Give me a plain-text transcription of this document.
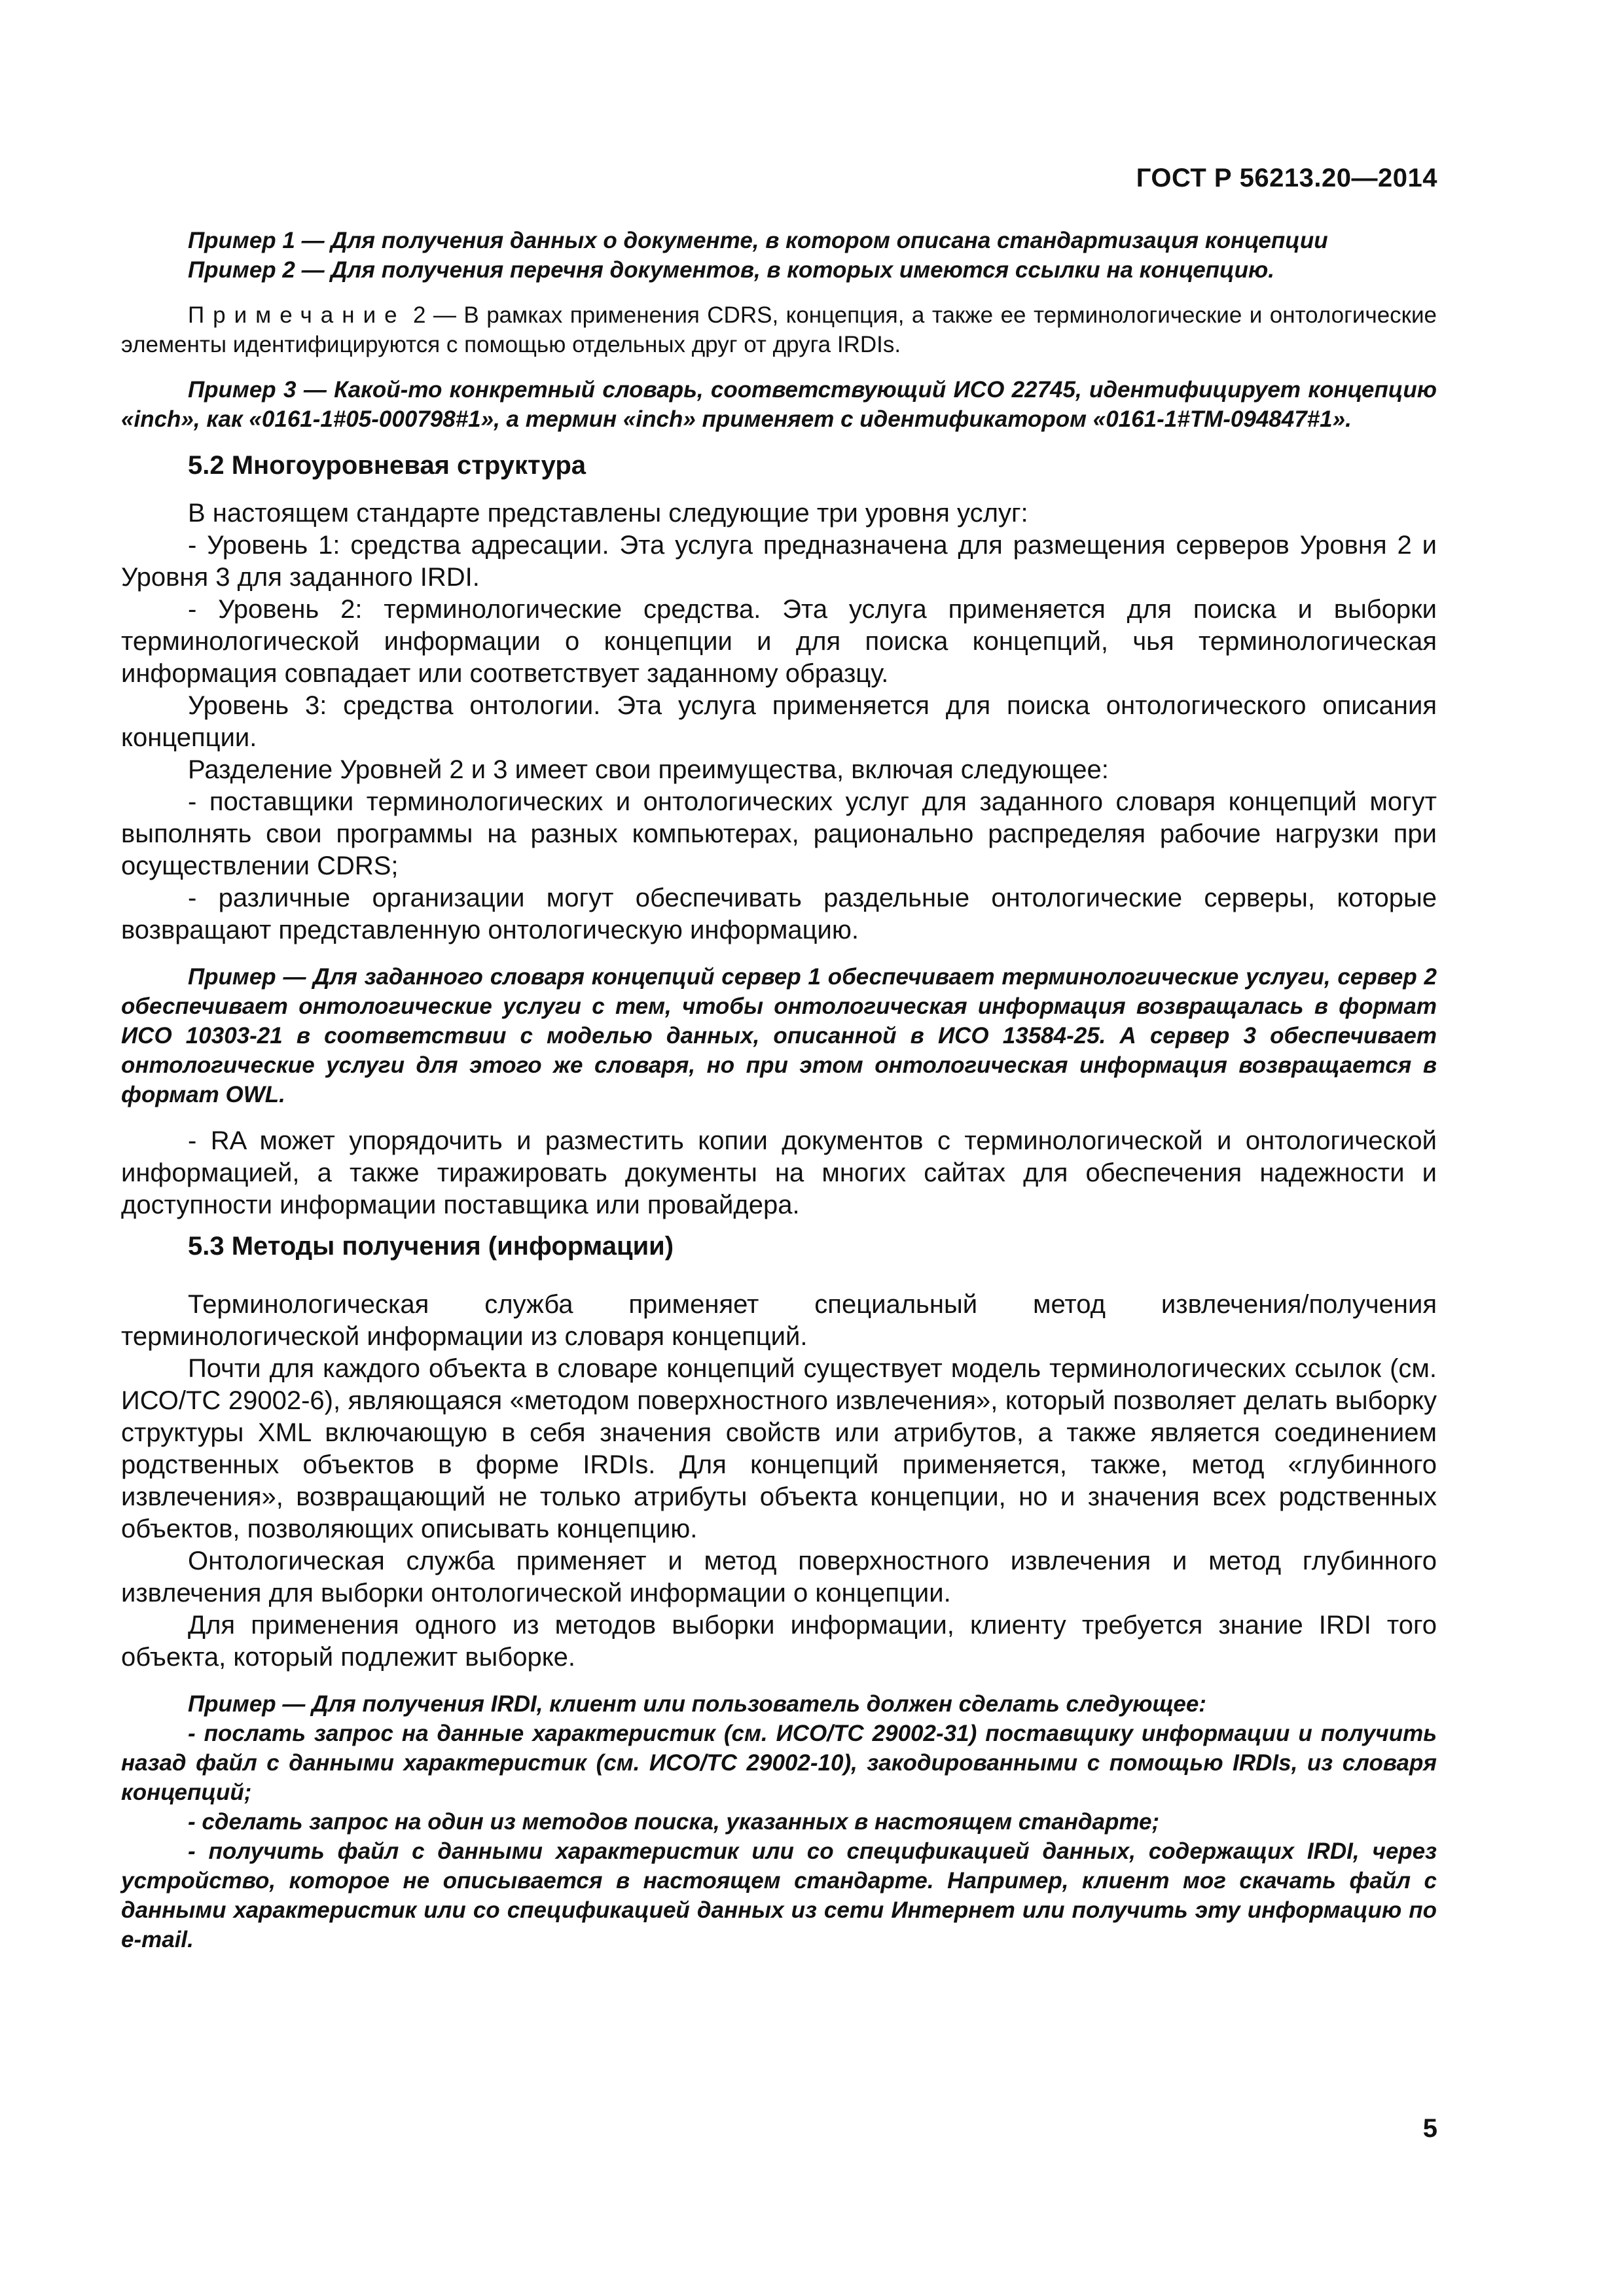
ГОСТ Р 56213.20—2014

Пример 1 — Для получения данных о документе, в котором описана стандартизация концепции

Пример 2 — Для получения перечня документов, в которых имеются ссылки на концепцию.

Примечание 2 — В рамках применения CDRS, концепция, а также ее терминологические и онтологические элементы идентифицируются с помощью отдельных друг от друга IRDIs.

Пример 3 — Какой-то конкретный словарь, соответствующий ИСО 22745, идентифицирует концепцию «inch», как «0161-1#05-000798#1», а термин «inch» применяет с идентификатором «0161-1#TM-094847#1».

5.2 Многоуровневая структура

В настоящем стандарте представлены следующие три уровня услуг:

- Уровень 1: средства адресации. Эта услуга предназначена для размещения серверов Уровня 2 и Уровня 3 для заданного IRDI.

- Уровень 2: терминологические средства. Эта услуга применяется для поиска и выборки терминологической информации о концепции и для поиска концепций, чья терминологическая информация совпадает или соответствует заданному образцу.

Уровень 3: средства онтологии. Эта услуга применяется для поиска онтологического описания концепции.

Разделение Уровней 2 и 3 имеет свои преимущества, включая следующее:

- поставщики терминологических и онтологических услуг для заданного словаря концепций могут выполнять свои программы на разных компьютерах, рационально распределяя рабочие нагрузки при осуществлении CDRS;

- различные организации могут обеспечивать раздельные онтологические серверы, которые возвращают представленную онтологическую информацию.

Пример — Для заданного словаря концепций сервер 1 обеспечивает терминологические услуги, сервер 2 обеспечивает онтологические услуги с тем, чтобы онтологическая информация возвращалась в формат ИСО 10303-21 в соответствии с моделью данных, описанной в ИСО 13584-25. А сервер 3 обеспечивает онтологические услуги для этого же словаря, но при этом онтологическая информация возвращается в формат OWL.

- RA может упорядочить и разместить копии документов с терминологической и онтологической информацией, а также тиражировать документы на многих сайтах для обеспечения надежности и доступности информации поставщика или провайдера.

5.3 Методы получения (информации)

Терминологическая служба применяет специальный метод извлечения/получения терминологической информации из словаря концепций.

Почти для каждого объекта в словаре концепций существует модель терминологических ссылок (см. ИСО/ТС 29002-6), являющаяся «методом поверхностного извлечения», который позволяет делать выборку структуры XML включающую в себя значения свойств или атрибутов, а также является соединением родственных объектов в форме IRDIs. Для концепций применяется, также, метод «глубинного извлечения», возвращающий не только атрибуты объекта концепции, но и значения всех родственных объектов, позволяющих описывать концепцию.

Онтологическая служба применяет и метод поверхностного извлечения и метод глубинного извлечения для выборки онтологической информации о концепции.

Для применения одного из методов выборки информации, клиенту требуется знание IRDI того объекта, который подлежит выборке.

Пример — Для получения IRDI, клиент или пользователь должен сделать следующее:

- послать запрос на данные характеристик (см. ИСО/ТС 29002-31) поставщику информации и получить назад файл с данными характеристик (см. ИСО/ТС 29002-10), закодированными с помощью IRDIs, из словаря концепций;

- сделать запрос на один из методов поиска, указанных в настоящем стандарте;

- получить файл с данными характеристик или со спецификацией данных, содержащих IRDI, через устройство, которое не описывается в настоящем стандарте. Например, клиент мог скачать файл с данными характеристик или со спецификацией данных из сети Интернет или получить эту информацию по e-mail.

5
